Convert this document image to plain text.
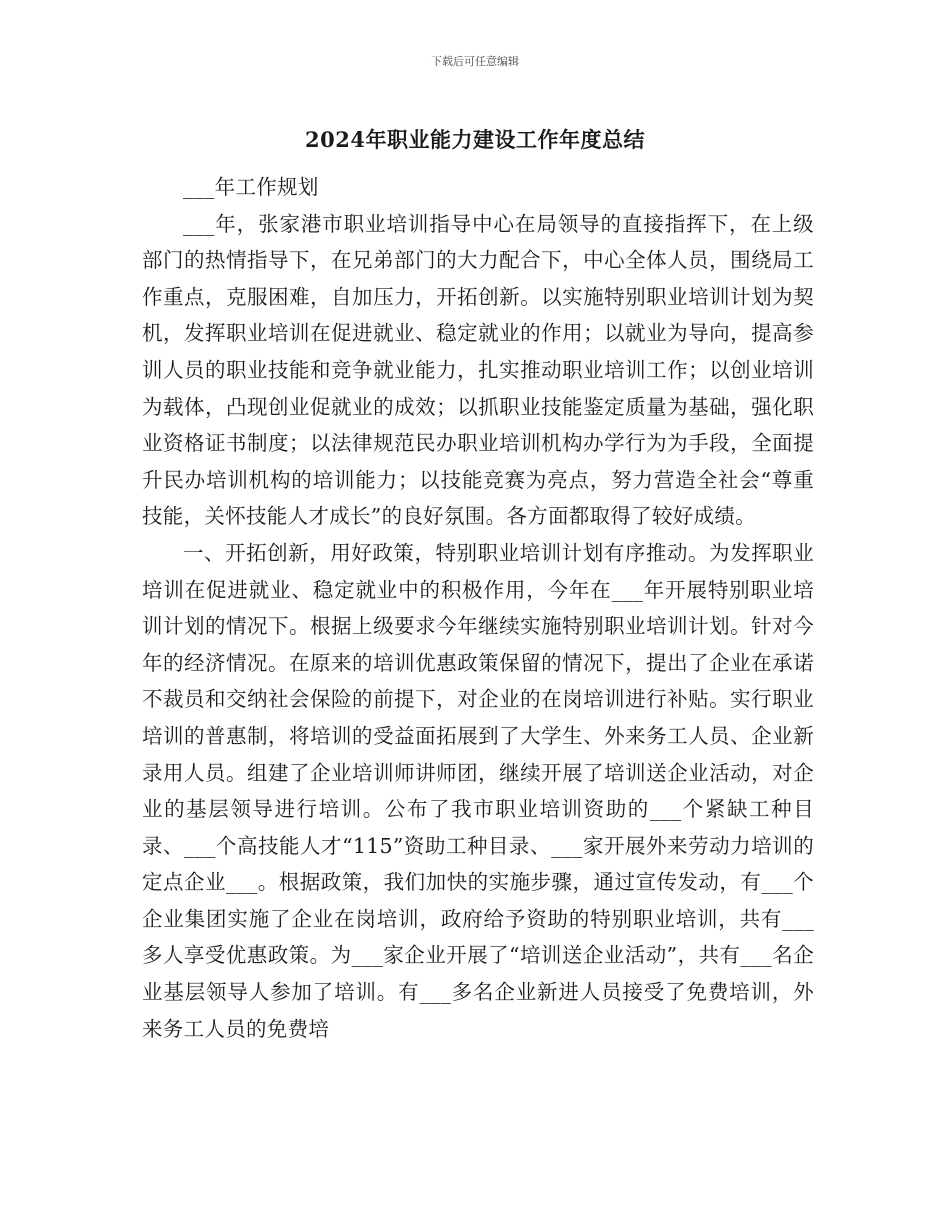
下载后可任意编辑
2024年职业能力建设工作年度总结

___年工作规划

___年，张家港市职业培训指导中心在局领导的直接指挥下，在上级部门的热情指导下，在兄弟部门的大力配合下，中心全体人员，围绕局工作重点，克服困难，自加压力，开拓创新。以实施特别职业培训计划为契机，发挥职业培训在促进就业、稳定就业的作用；以就业为导向，提高参训人员的职业技能和竞争就业能力，扎实推动职业培训工作；以创业培训为载体，凸现创业促就业的成效；以抓职业技能鉴定质量为基础，强化职业资格证书制度；以法律规范民办职业培训机构办学行为为手段，全面提升民办培训机构的培训能力；以技能竞赛为亮点，努力营造全社会“尊重技能，关怀技能人才成长”的良好氛围。各方面都取得了较好成绩。

一、开拓创新，用好政策，特别职业培训计划有序推动。为发挥职业培训在促进就业、稳定就业中的积极作用，今年在___年开展特别职业培训计划的情况下。根据上级要求今年继续实施特别职业培训计划。针对今年的经济情况。在原来的培训优惠政策保留的情况下，提出了企业在承诺不裁员和交纳社会保险的前提下，对企业的在岗培训进行补贴。实行职业培训的普惠制，将培训的受益面拓展到了大学生、外来务工人员、企业新录用人员。组建了企业培训师讲师团，继续开展了培训送企业活动，对企业的基层领导进行培训。公布了我市职业培训资助的___个紧缺工种目录、___个高技能人才“115”资助工种目录、___家开展外来劳动力培训的定点企业___。根据政策，我们加快的实施步骤，通过宣传发动，有___个企业集团实施了企业在岗培训，政府给予资助的特别职业培训，共有___多人享受优惠政策。为___家企业开展了“培训送企业活动”，共有___名企业基层领导人参加了培训。有___多名企业新进人员接受了免费培训，外来务工人员的免费培
